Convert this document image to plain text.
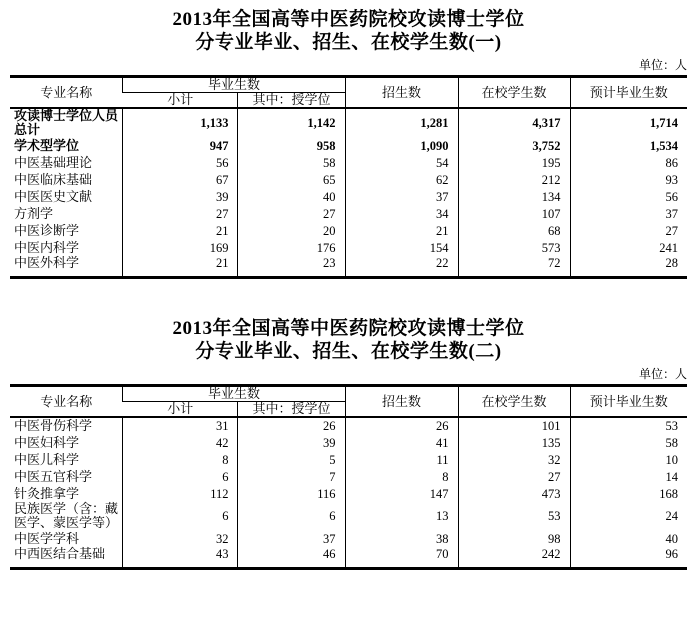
2013年全国高等中医药院校攻读博士学位
分专业毕业、招生、在校学生数(一)
单位：人
专业名称	毕业生数		招生数	在校学生数	预计毕业生数
	小计	其中：授学位			
攻读博士学位人员总计	1,133	1,142	1,281	4,317	1,714
学术型学位	947	958	1,090	3,752	1,534
中医基础理论	56	58	54	195	86
中医临床基础	67	65	62	212	93
中医医史文献	39	40	37	134	56
方剂学	27	27	34	107	37
中医诊断学	21	20	21	68	27
中医内科学	169	176	154	573	241
中医外科学	21	23	22	72	28
2013年全国高等中医药院校攻读博士学位
分专业毕业、招生、在校学生数(二)
单位：人
专业名称	毕业生数		招生数	在校学生数	预计毕业生数
	小计	其中：授学位			
中医骨伤科学	31	26	26	101	53
中医妇科学	42	39	41	135	58
中医儿科学	8	5	11	32	10
中医五官科学	6	7	8	27	14
针灸推拿学	112	116	147	473	168
民族医学（含：藏医学、蒙医学等）	6	6	13	53	24
中医学学科	32	37	38	98	40
中西医结合基础	43	46	70	242	96
